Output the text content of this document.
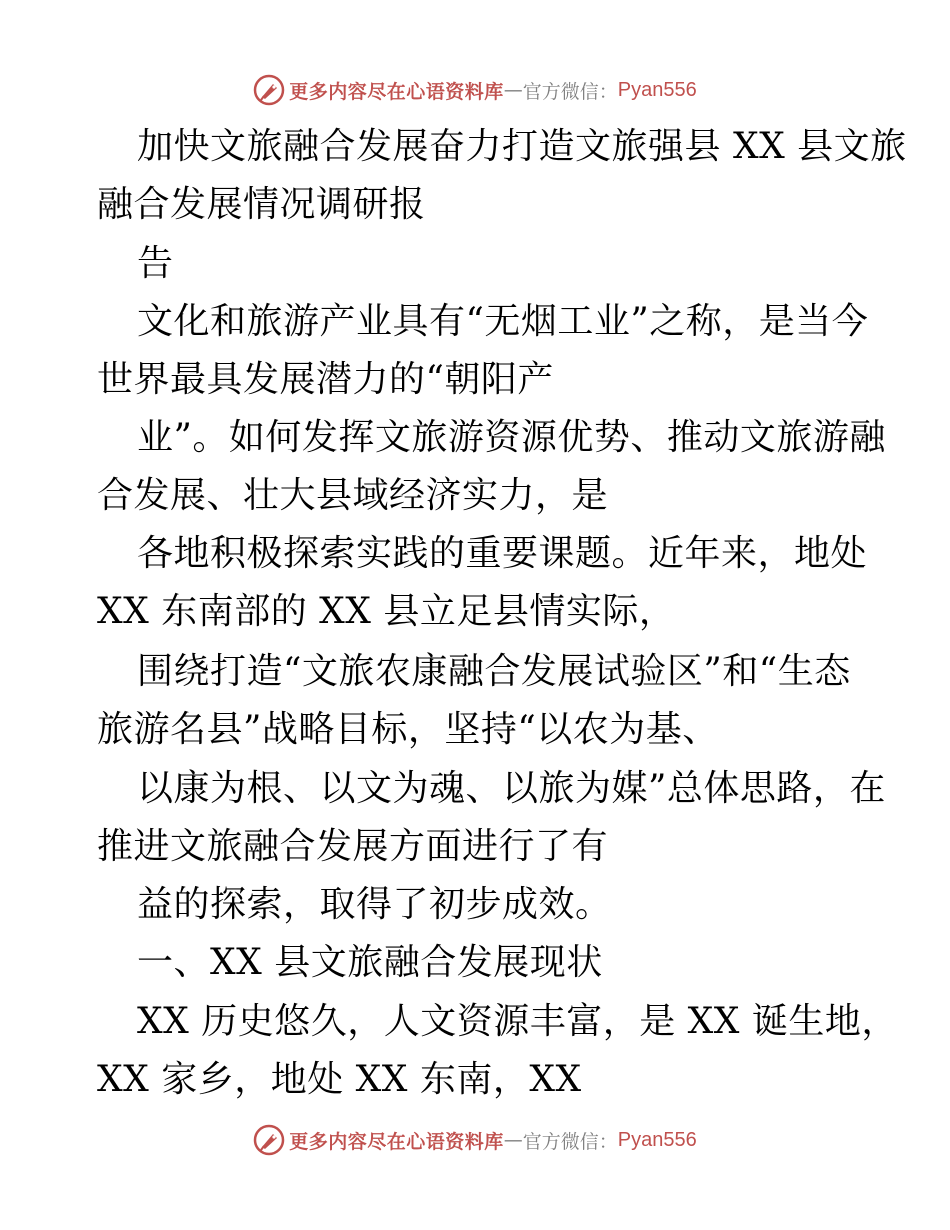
更多内容尽在心语资料库 — 官方微信： Pyan556
加快文旅融合发展奋力打造文旅强县 XX 县文旅
融合发展情况调研报
告
文化和旅游产业具有“无烟工业”之称，是当今
世界最具发展潜力的“朝阳产
业”。如何发挥文旅游资源优势、推动文旅游融
合发展、壮大县域经济实力，是
各地积极探索实践的重要课题。近年来，地处
XX 东南部的 XX 县立足县情实际，
围绕打造“文旅农康融合发展试验区”和“生态
旅游名县”战略目标，坚持“以农为基、
以康为根、以文为魂、以旅为媒”总体思路，在
推进文旅融合发展方面进行了有
益的探索，取得了初步成效。
一、XX 县文旅融合发展现状
XX 历史悠久，人文资源丰富，是 XX 诞生地，
XX 家乡，地处 XX 东南，XX
更多内容尽在心语资料库 — 官方微信： Pyan556
